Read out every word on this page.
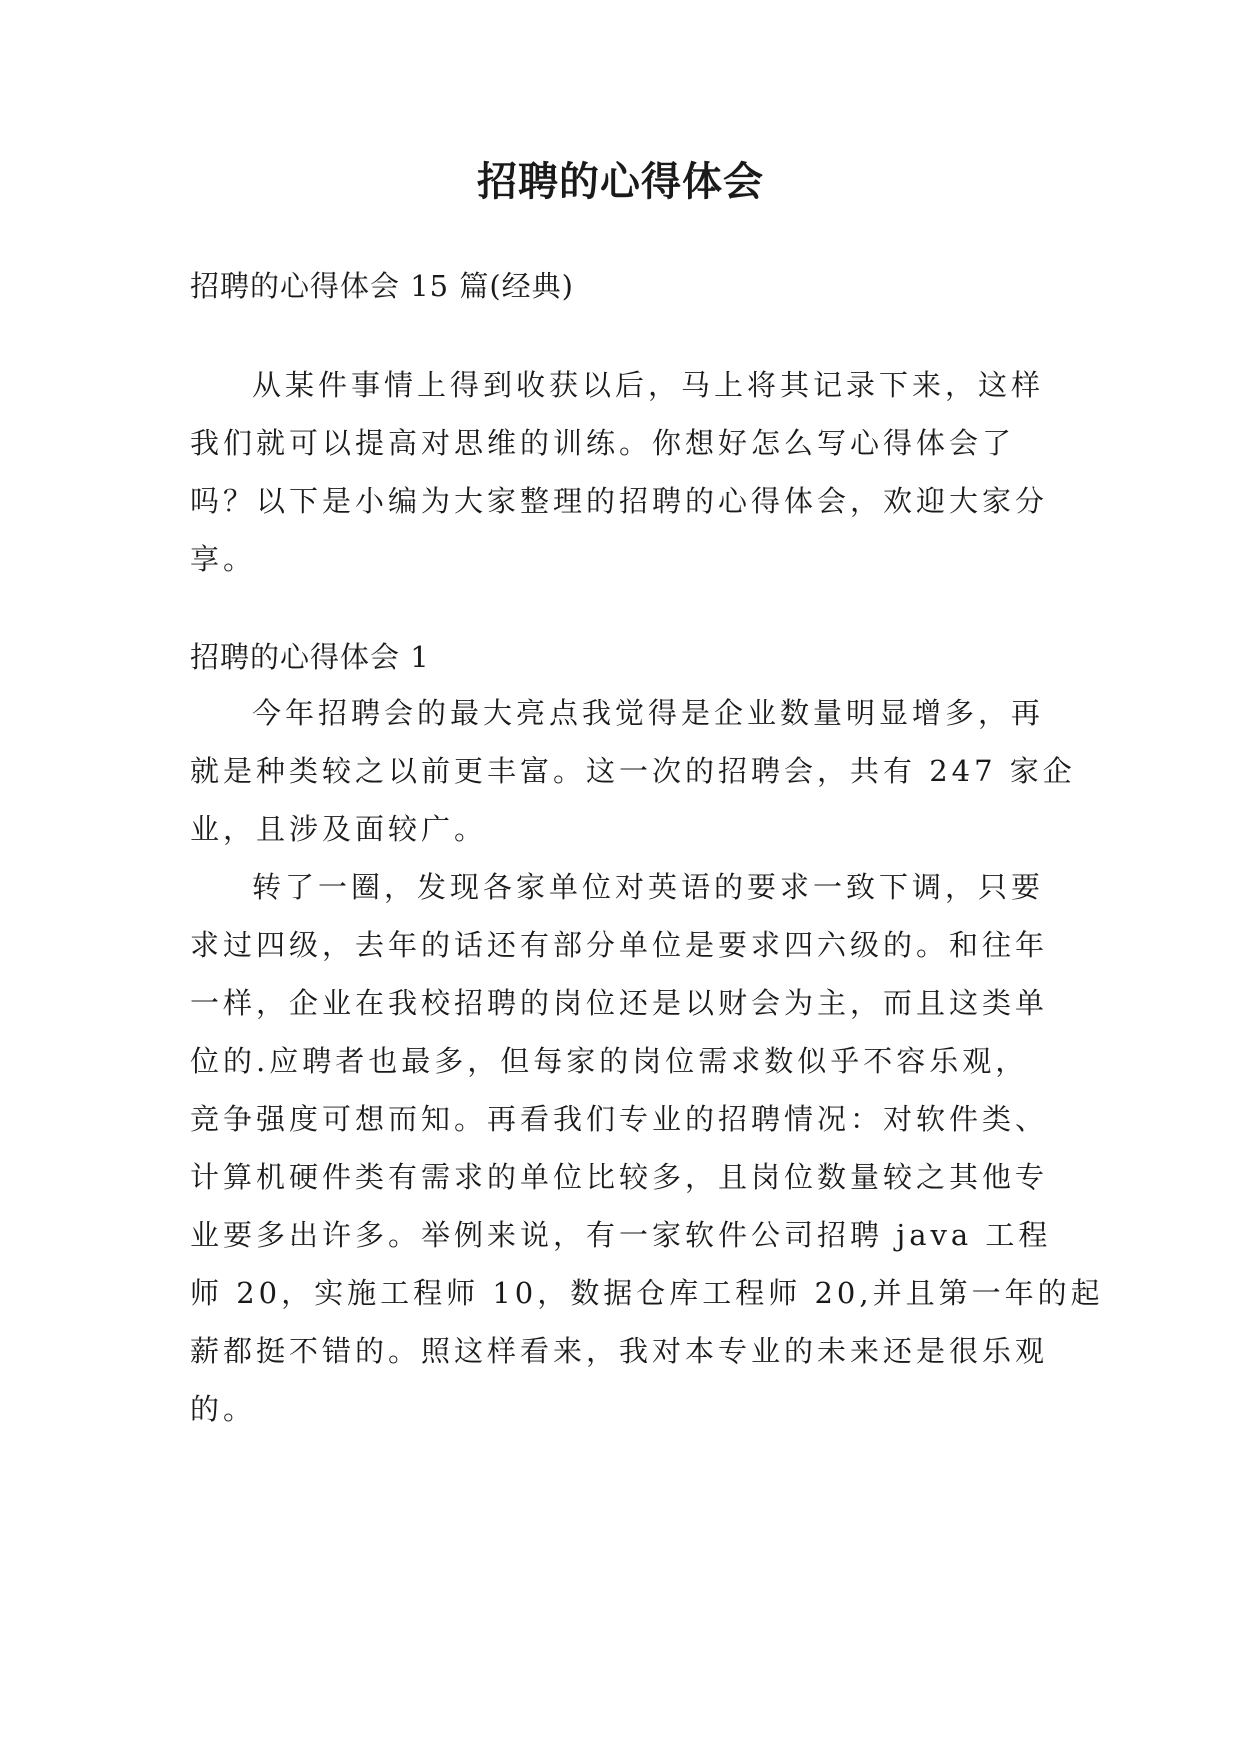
招聘的心得体会
招聘的心得体会 15 篇(经典)
从某件事情上得到收获以后，马上将其记录下来，这样
我们就可以提高对思维的训练。你想好怎么写心得体会了
吗？以下是小编为大家整理的招聘的心得体会，欢迎大家分
享。
招聘的心得体会 1
今年招聘会的最大亮点我觉得是企业数量明显增多，再
就是种类较之以前更丰富。这一次的招聘会，共有 247 家企
业，且涉及面较广。
转了一圈，发现各家单位对英语的要求一致下调，只要
求过四级，去年的话还有部分单位是要求四六级的。和往年
一样，企业在我校招聘的岗位还是以财会为主，而且这类单
位的.应聘者也最多，但每家的岗位需求数似乎不容乐观，
竞争强度可想而知。再看我们专业的招聘情况：对软件类、
计算机硬件类有需求的单位比较多，且岗位数量较之其他专
业要多出许多。举例来说，有一家软件公司招聘 java 工程
师 20，实施工程师 10，数据仓库工程师 20,并且第一年的起
薪都挺不错的。照这样看来，我对本专业的未来还是很乐观
的。
